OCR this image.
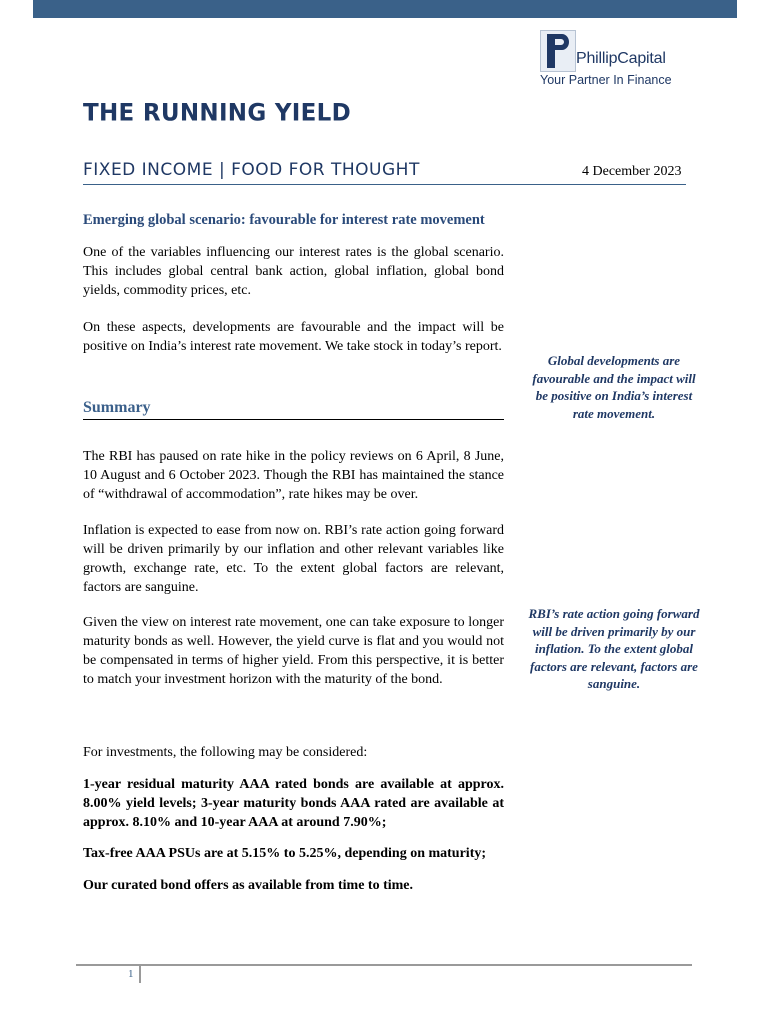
PhillipCapital
Your Partner In Finance
THE RUNNING YIELD
FIXED INCOME | FOOD FOR THOUGHT	4 December 2023
Emerging global scenario: favourable for interest rate movement

One of the variables influencing our interest rates is the global scenario. This includes global central bank action, global inflation, global bond yields, commodity prices, etc.

On these aspects, developments are favourable and the impact will be positive on India’s interest rate movement. We take stock in today’s report.

Summary

The RBI has paused on rate hike in the policy reviews on 6 April, 8 June, 10 August and 6 October 2023. Though the RBI has maintained the stance of “withdrawal of accommodation”, rate hikes may be over.

Inflation is expected to ease from now on. RBI’s rate action going forward will be driven primarily by our inflation and other relevant variables like growth, exchange rate, etc. To the extent global factors are relevant, factors are sanguine.

Given the view on interest rate movement, one can take exposure to longer maturity bonds as well. However, the yield curve is flat and you would not be compensated in terms of higher yield. From this perspective, it is better to match your investment horizon with the maturity of the bond.

For investments, the following may be considered:

1-year residual maturity AAA rated bonds are available at approx. 8.00% yield levels; 3-year maturity bonds AAA rated are available at approx. 8.10% and 10-year AAA at around 7.90%;

Tax-free AAA PSUs are at 5.15% to 5.25%, depending on maturity;

Our curated bond offers as available from time to time.

Global developments are favourable and the impact will be positive on India’s interest rate movement.
RBI’s rate action going forward will be driven primarily by our inflation. To the extent global factors are relevant, factors are sanguine.
1
